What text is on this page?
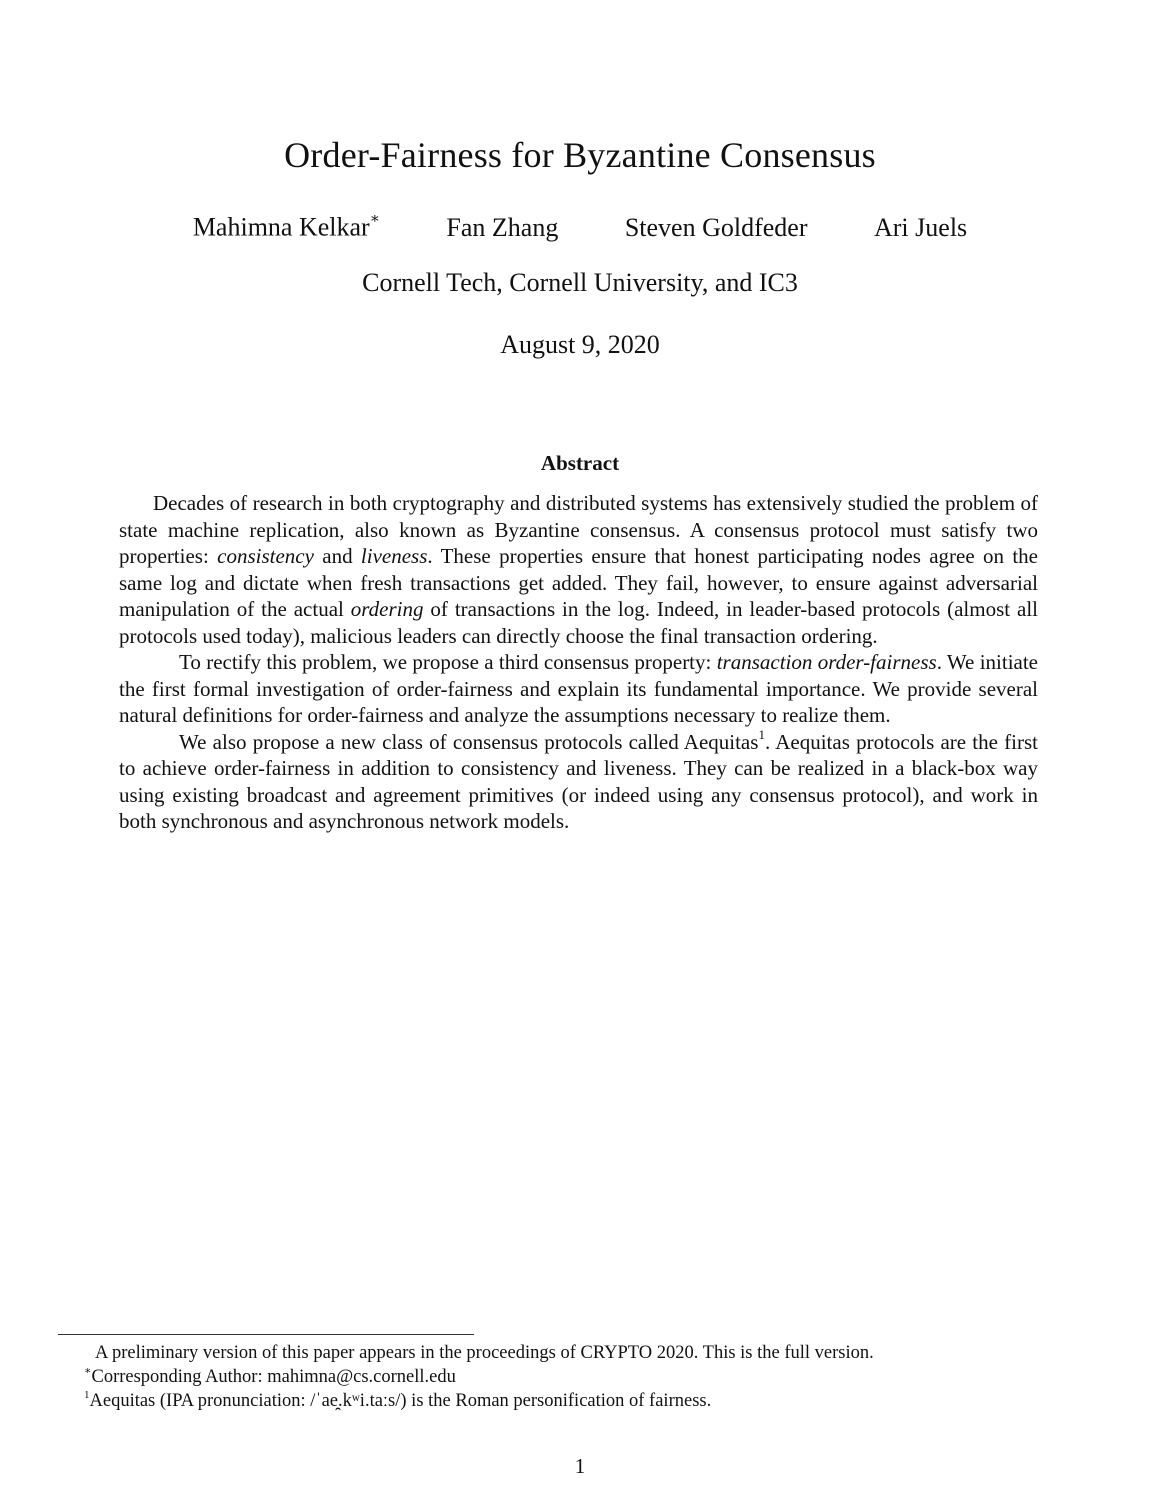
Order-Fairness for Byzantine Consensus
Mahimna Kelkar∗	Fan Zhang	Steven Goldfeder	Ari Juels
Cornell Tech, Cornell University, and IC3
August 9, 2020
Abstract

Decades of research in both cryptography and distributed systems has extensively studied the problem of state machine replication, also known as Byzantine consensus. A consensus protocol must satisfy two properties: consistency and liveness. These properties ensure that honest participating nodes agree on the same log and dictate when fresh transactions get added. They fail, however, to ensure against adversarial manipulation of the actual ordering of transactions in the log. Indeed, in leader-based protocols (almost all protocols used today), malicious leaders can directly choose the final transaction ordering.

To rectify this problem, we propose a third consensus property: transaction order-fairness. We initiate the first formal investigation of order-fairness and explain its fundamental importance. We provide several natural definitions for order-fairness and analyze the assumptions necessary to realize them.

We also propose a new class of consensus protocols called Aequitas$^1$. Aequitas protocols are the first to achieve order-fairness in addition to consistency and liveness. They can be realized in a black-box way using existing broadcast and agreement primitives (or indeed using any consensus protocol), and work in both synchronous and asynchronous network models.

A preliminary version of this paper appears in the proceedings of CRYPTO 2020. This is the full version.
∗Corresponding Author: mahimna@cs.cornell.edu
$^1$Aequitas (IPA pronunciation: /ˈae̯.kʷi.taːs/) is the Roman personification of fairness.
1
